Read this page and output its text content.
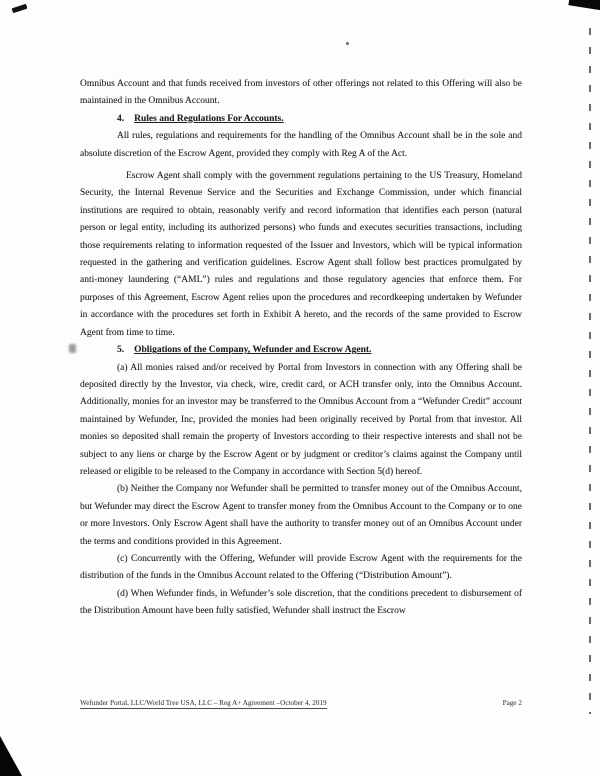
Omnibus Account and that funds received from investors of other offerings not related to this Offering will also be maintained in the Omnibus Account.

4. Rules and Regulations For Accounts.

All rules, regulations and requirements for the handling of the Omnibus Account shall be in the sole and absolute discretion of the Escrow Agent, provided they comply with Reg A of the Act.

Escrow Agent shall comply with the government regulations pertaining to the US Treasury, Homeland Security, the Internal Revenue Service and the Securities and Exchange Commission, under which financial institutions are required to obtain, reasonably verify and record information that identifies each person (natural person or legal entity, including its authorized persons) who funds and executes securities transactions, including those requirements relating to information requested of the Issuer and Investors, which will be typical information requested in the gathering and verification guidelines. Escrow Agent shall follow best practices promulgated by anti-money laundering (“AML”) rules and regulations and those regulatory agencies that enforce them. For purposes of this Agreement, Escrow Agent relies upon the procedures and recordkeeping undertaken by Wefunder in accordance with the procedures set forth in Exhibit A hereto, and the records of the same provided to Escrow Agent from time to time.

5. Obligations of the Company, Wefunder and Escrow Agent.

(a) All monies raised and/or received by Portal from Investors in connection with any Offering shall be deposited directly by the Investor, via check, wire, credit card, or ACH transfer only, into the Omnibus Account. Additionally, monies for an investor may be transferred to the Omnibus Account from a “Wefunder Credit” account maintained by Wefunder, Inc, provided the monies had been originally received by Portal from that investor. All monies so deposited shall remain the property of Investors according to their respective interests and shall not be subject to any liens or charge by the Escrow Agent or by judgment or creditor’s claims against the Company until released or eligible to be released to the Company in accordance with Section 5(d) hereof.

(b) Neither the Company nor Wefunder shall be permitted to transfer money out of the Omnibus Account, but Wefunder may direct the Escrow Agent to transfer money from the Omnibus Account to the Company or to one or more Investors. Only Escrow Agent shall have the authority to transfer money out of an Omnibus Account under the terms and conditions provided in this Agreement.

(c) Concurrently with the Offering, Wefunder will provide Escrow Agent with the requirements for the distribution of the funds in the Omnibus Account related to the Offering (“Distribution Amount”).

(d) When Wefunder finds, in Wefunder’s sole discretion, that the conditions precedent to disbursement of the Distribution Amount have been fully satisfied, Wefunder shall instruct the Escrow

Wefunder Portal, LLC/World Tree USA, LLC – Reg A+ Agreement –October 4, 2019	Page 2
